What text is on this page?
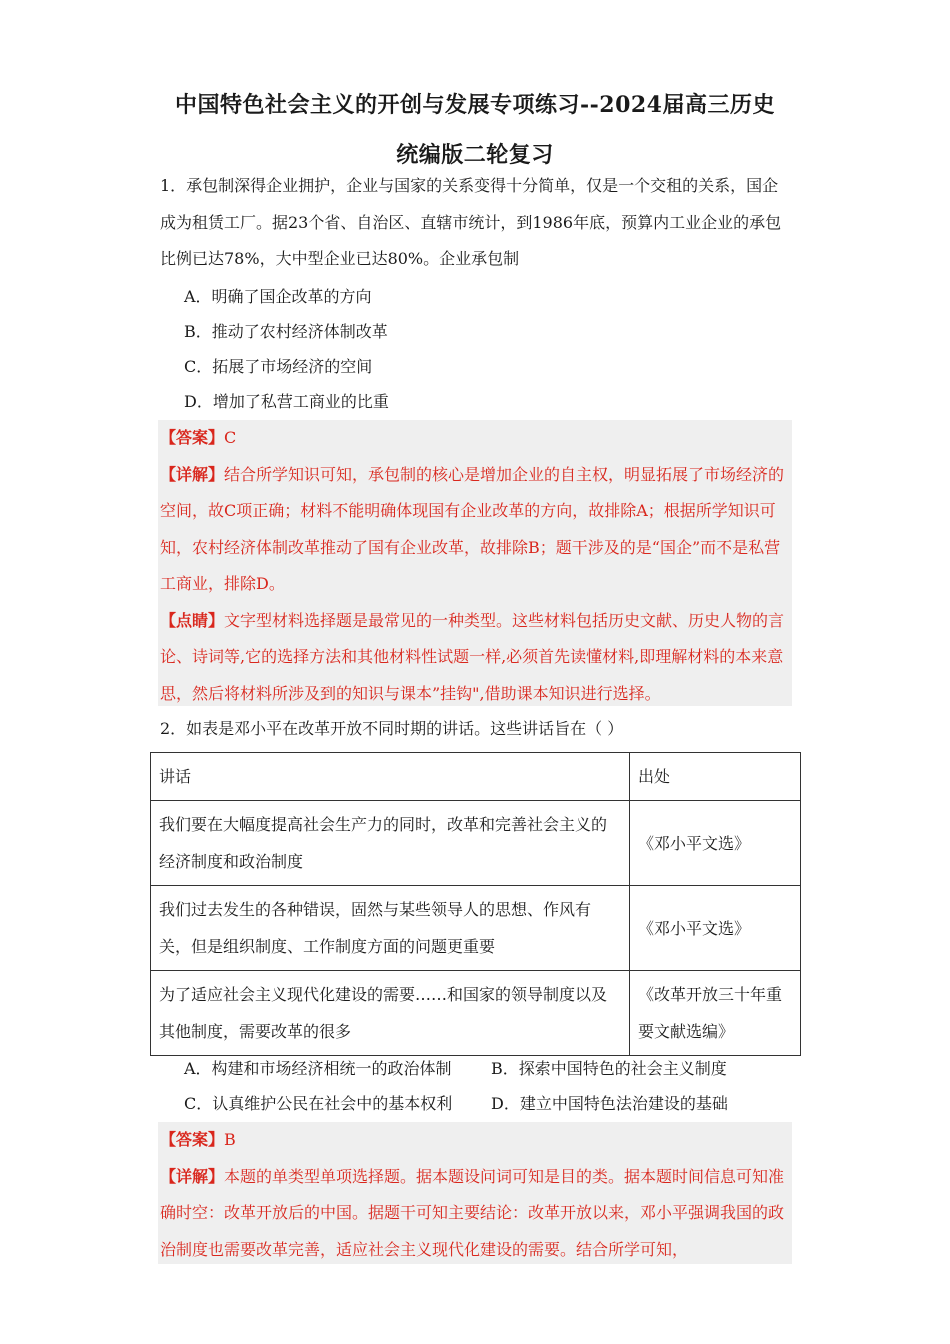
中国特色社会主义的开创与发展专项练习--2024届高三历史
统编版二轮复习

1．承包制深得企业拥护，企业与国家的关系变得十分简单，仅是一个交租的关系，国企成为租赁工厂。据23个省、自治区、直辖市统计，到1986年底，预算内工业企业的承包比例已达78%，大中型企业已达80%。企业承包制

A．明确了国企改革的方向
B．推动了农村经济体制改革
C．拓展了市场经济的空间
D．增加了私营工商业的比重

【答案】C

【详解】结合所学知识可知，承包制的核心是增加企业的自主权，明显拓展了市场经济的空间，故C项正确；材料不能明确体现国有企业改革的方向，故排除A；根据所学知识可知，农村经济体制改革推动了国有企业改革，故排除B；题干涉及的是“国企”而不是私营工商业，排除D。

【点睛】文字型材料选择题是最常见的一种类型。这些材料包括历史文献、历史人物的言论、诗词等,它的选择方法和其他材料性试题一样,必须首先读懂材料,即理解材料的本来意思，然后将材料所涉及到的知识与课本”挂钩",借助课本知识进行选择。

2．如表是邓小平在改革开放不同时期的讲话。这些讲话旨在（ ）

讲话	出处
我们要在大幅度提高社会生产力的同时，改革和完善社会主义的经济制度和政治制度	《邓小平文选》
我们过去发生的各种错误，固然与某些领导人的思想、作风有关，但是组织制度、工作制度方面的问题更重要	《邓小平文选》
为了适应社会主义现代化建设的需要……和国家的领导制度以及其他制度，需要改革的很多	《改革开放三十年重要文献选编》
A．构建和市场经济相统一的政治体制 B．探索中国特色的社会主义制度
C．认真维护公民在社会中的基本权利 D．建立中国特色法治建设的基础

【答案】B

【详解】本题的单类型单项选择题。据本题设问词可知是目的类。据本题时间信息可知准确时空：改革开放后的中国。据题干可知主要结论：改革开放以来，邓小平强调我国的政治制度也需要改革完善，适应社会主义现代化建设的需要。结合所学可知，
